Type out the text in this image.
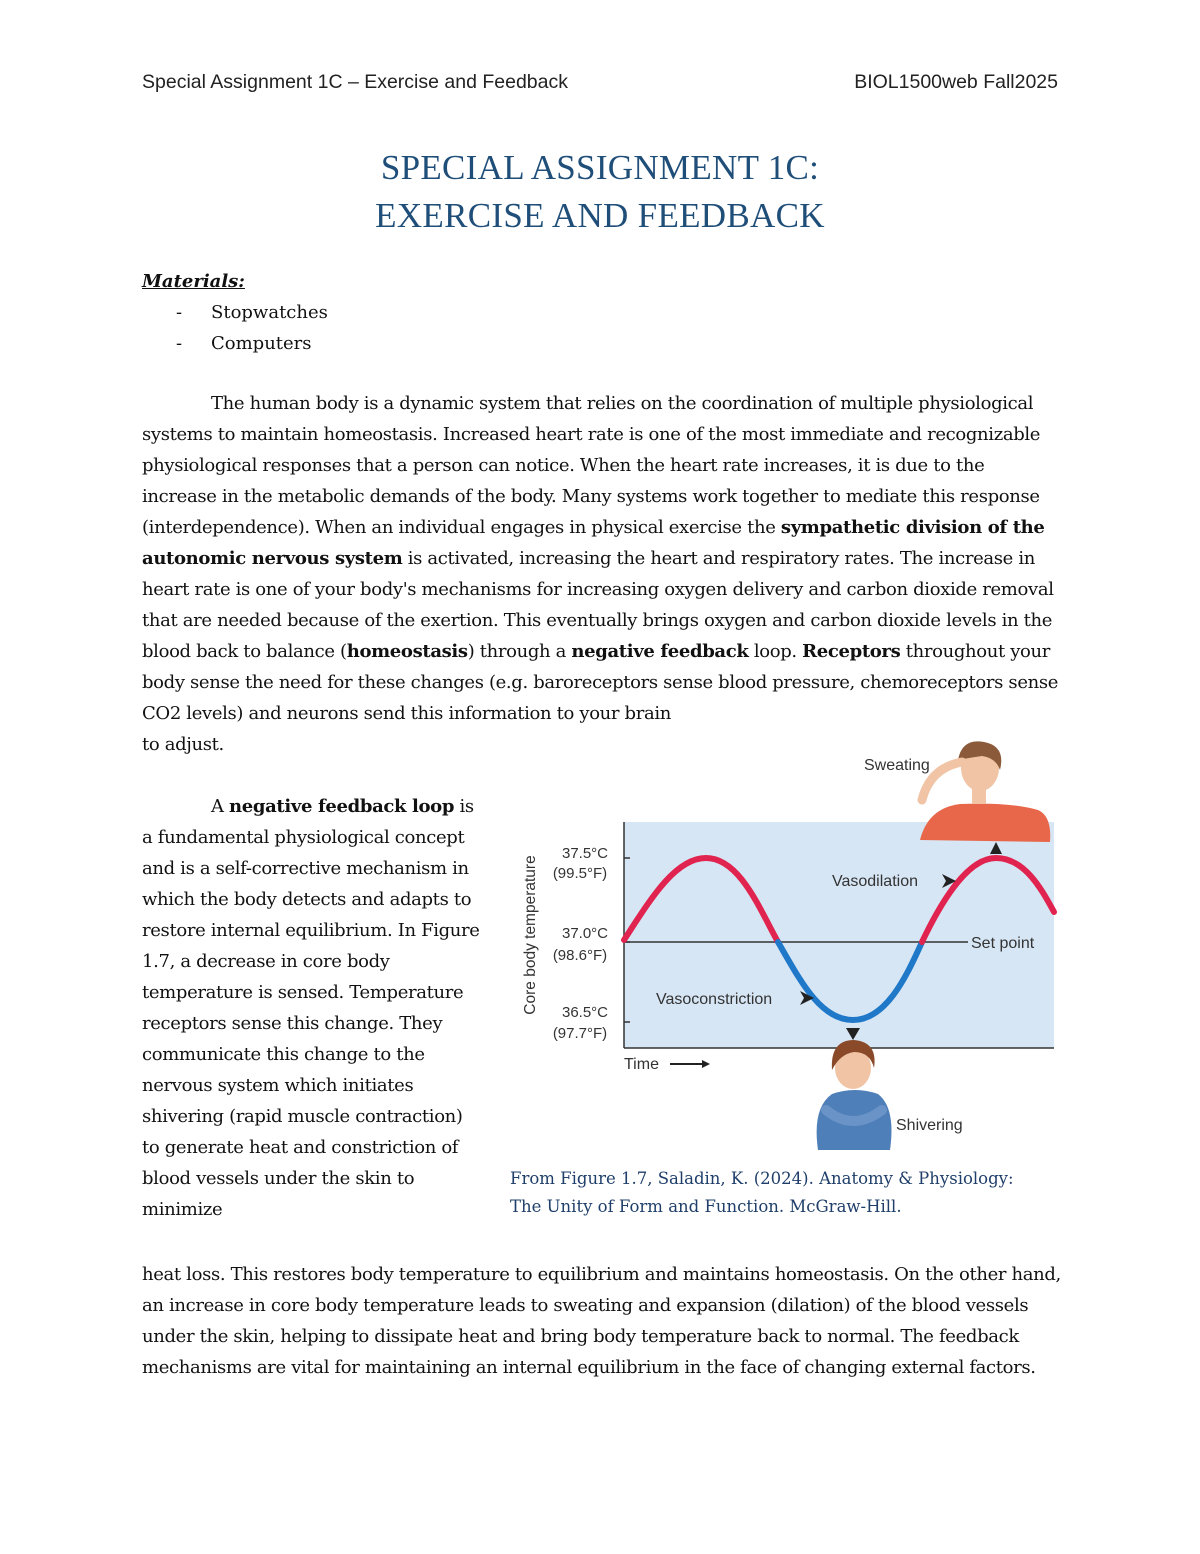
Special Assignment 1C – Exercise and Feedback	BIOL1500web Fall2025
SPECIAL ASSIGNMENT 1C:
EXERCISE AND FEEDBACK
Materials:
- Stopwatches
- Computers
The human body is a dynamic system that relies on the coordination of multiple physiological systems to maintain homeostasis. Increased heart rate is one of the most immediate and recognizable physiological responses that a person can notice. When the heart rate increases, it is due to the increase in the metabolic demands of the body. Many systems work together to mediate this response (interdependence). When an individual engages in physical exercise the sympathetic division of the autonomic nervous system is activated, increasing the heart and respiratory rates. The increase in heart rate is one of your body's mechanisms for increasing oxygen delivery and carbon dioxide removal that are needed because of the exertion. This eventually brings oxygen and carbon dioxide levels in the blood back to balance (homeostasis) through a negative feedback loop. Receptors throughout your body sense the need for these changes (e.g. baroreceptors sense blood pressure, chemoreceptors sense CO2 levels) and neurons send this information to your brain
to adjust.
A negative feedback loop is a fundamental physiological concept and is a self-corrective mechanism in which the body detects and adapts to restore internal equilibrium. In Figure 1.7, a decrease in core body temperature is sensed. Temperature receptors sense this change. They communicate this change to the nervous system which initiates shivering (rapid muscle contraction) to generate heat and constriction of blood vessels under the skin to minimize
heat loss. This restores body temperature to equilibrium and maintains homeostasis. On the other hand, an increase in core body temperature leads to sweating and expansion (dilation) of the blood vessels under the skin, helping to dissipate heat and bring body temperature back to normal. The feedback mechanisms are vital for maintaining an internal equilibrium in the face of changing external factors.
Core body temperature
37.5°C
(99.5°F)
37.0°C
(98.6°F)
36.5°C
(97.7°F)
Vasodilation
Set point
Vasoconstriction
Time
Sweating
Shivering
From Figure 1.7, Saladin, K. (2024). Anatomy & Physiology:
The Unity of Form and Function. McGraw-Hill.
